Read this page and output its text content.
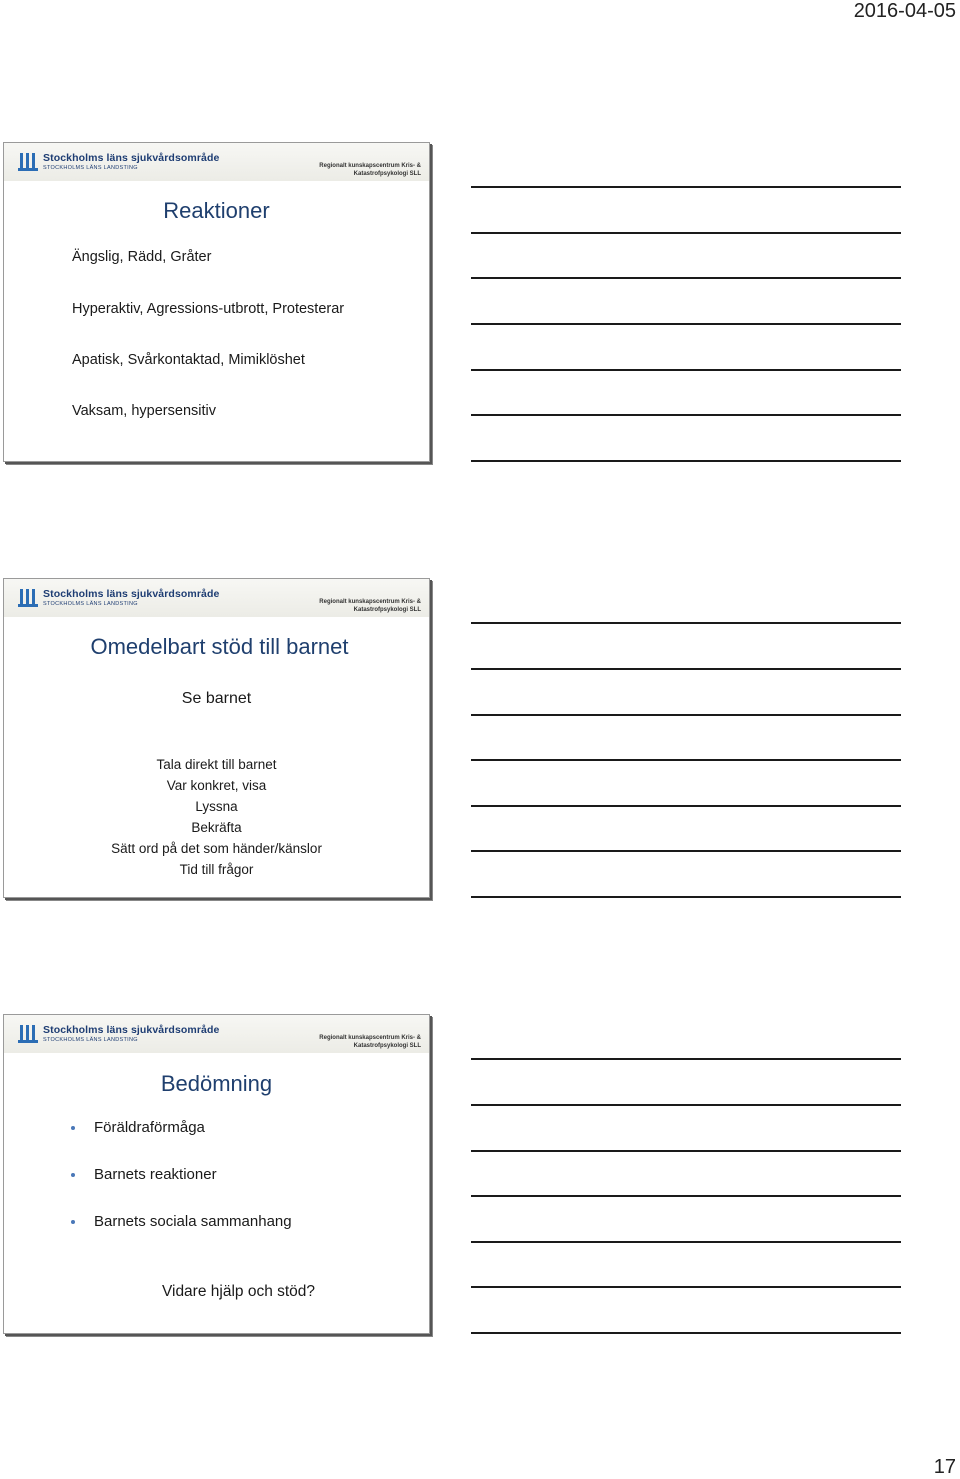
2016-04-05
Stockholms läns sjukvårdsområde
STOCKHOLMS LÄNS LANDSTING	Regionalt kunskapscentrum Kris- &
Katastrofpsykologi SLL
Reaktioner
Ängslig, Rädd, Gråter
Hyperaktiv, Agressions-utbrott, Protesterar
Apatisk, Svårkontaktad, Mimiklöshet
Vaksam, hypersensitiv
Stockholms läns sjukvårdsområde
STOCKHOLMS LÄNS LANDSTING	Regionalt kunskapscentrum Kris- &
Katastrofpsykologi SLL
Omedelbart stöd till barnet
Se barnet
Tala direkt till barnet
Var konkret, visa
Lyssna
Bekräfta
Sätt ord på det som händer/känslor
Tid till frågor
Stockholms läns sjukvårdsområde
STOCKHOLMS LÄNS LANDSTING	Regionalt kunskapscentrum Kris- &
Katastrofpsykologi SLL
Bedömning
Föräldraförmåga
Barnets reaktioner
Barnets sociala sammanhang
Vidare hjälp och stöd?
17
